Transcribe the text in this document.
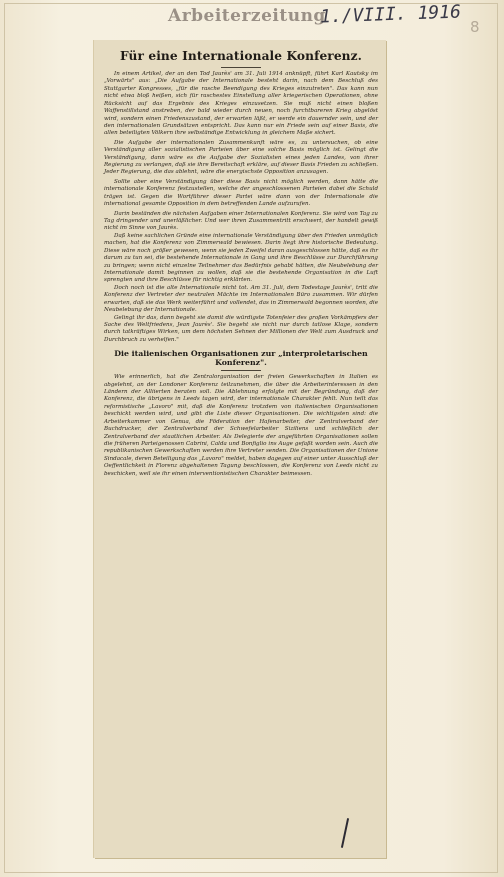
Arbeiterzeitung
1./VIII. 1916 8
Für eine Internationale Konferenz.

In einem Artikel, der an den Tod Jaurès' am 31. Juli 1914 anknüpft, führt Karl Kautsky im „Vorwärts" aus: „Die Aufgabe der Internationale besteht darin, nach dem Beschluß des Stuttgarter Kongresses, „für die rasche Beendigung des Krieges einzutreten". Das kann nun nicht etwa bloß heißen, sich für raschestes Einstellung aller kriegerischen Operationen, ohne Rücksicht auf das Ergebnis des Krieges einzusetzen. Sie muß nicht einen bloßen Waffenstillstand anstreben, der bald wieder durch neuen, noch furchtbareren Krieg abgelöst wird, sondern einen Friedenszustand, der erwarten läßt, er werde ein dauernder sein, und der den internationalen Grundsätzen entspricht. Das kann nur ein Friede sein auf einer Basis, die allen beteiligten Völkern ihre selbständige Entwicklung in gleichem Maße sichert.

Die Aufgabe der internationalen Zusammenkunft wäre es, zu untersuchen, ob eine Verständigung aller sozialistischen Parteien über eine solche Basis möglich ist. Gelingt die Verständigung, dann wäre es die Aufgabe der Sozialisten eines jeden Landes, von ihrer Regierung zu verlangen, daß sie ihre Bereitschaft erkläre, auf dieser Basis Frieden zu schließen. Jeder Regierung, die das ablehnt, wäre die energischste Opposition anzusagen.

Sollte aber eine Verständigung über diese Basis nicht möglich werden, dann hätte die internationale Konferenz festzustellen, welche der angeschlossenen Parteien dabei die Schuld trägen ist. Gegen die Wortführer dieser Partei wäre dann von der Internationale die international gesamte Opposition in dem betreffenden Lande aufzurufen.

Darin beständen die nächsten Aufgaben einer Internationalen Konferenz. Sie wird von Tag zu Tag dringender und unerläßlicher. Und wer ihren Zusammentritt erschwert, der handelt gewiß nicht im Sinne von Jaurès.

Daß keine sachlichen Gründe eine internationale Verständigung über den Frieden unmöglich machen, hat die Konferenz von Zimmerwald bewiesen. Darin liegt ihre historische Bedeutung. Diese wäre noch größer gewesen, wenn sie jeden Zweifel daran ausgeschlossen hätte, daß es ihr darum zu tun sei, die bestehende Internationale in Gang und ihre Beschlüsse zur Durchführung zu bringen; wenn nicht einzelne Teilnehmer das Bedürfnis gehabt hätten, die Neubelebung der Internationale damit beginnen zu wollen, daß sie die bestehende Organisation in die Luft sprengten und ihre Beschlüsse für nichtig erklärten.

Doch noch ist die alte Internationale nicht tot. Am 31. Juli, dem Todestage Jaurès', tritt die Konferenz der Vertreter der neutralen Mächte im Internationalen Büro zusammen. Wir dürfen erwarten, daß sie das Werk weiterführt und vollendet, das in Zimmerwald begonnen worden, die Neubelebung der Internationale.

Gelingt ihr das, dann begeht sie damit die würdigste Totenfeier des großen Vorkämpfers der Sache des Weltfriedens, Jean Jaurès'. Sie begeht sie nicht nur durch tatlose Klage, sondern durch tatkräftiges Wirken, um dem höchsten Sehnen der Millionen der Welt zum Ausdruck und Durchbruch zu verhelfen."

Die italienischen Organisationen zur „interproletarischen Konferenz".

Wie erinnerlich, hat die Zentralorganisation der freien Gewerkschaften in Italien es abgelehnt, an der Londoner Konferenz teilzunehmen, die über die Arbeiterinteressen in den Ländern der Alliierten beraten soll. Die Ablehnung erfolgte mit der Begründung, daß der Konferenz, die übrigens in Leeds tagen wird, der internationale Charakter fehlt. Nun teilt das reformistische „Lavoro" mit, daß die Konferenz trotzdem von italienischen Organisationen beschickt werden wird, und gibt die Liste dieser Organisationen. Die wichtigsten sind: die Arbeiterkammer von Genua, die Föderation der Hafenarbeiter, der Zentralverband der Buchdrucker, der Zentralverband der Schwefelarbeiter Siziliens und schließlich der Zentralverband der staatlichen Arbeiter. Als Delegierte der angeführten Organisationen sollen die früheren Parteigenossen Cabrini, Calda und Bonfiglio ins Auge gefaßt worden sein. Auch die republikanischen Gewerkschaften werden ihre Vertreter senden. Die Organisationen der Unione Sindacale, deren Beteiligung das „Lavoro" meldet, haben dagegen auf einer unter Ausschluß der Oeffentlichkeit in Florenz abgehaltenen Tagung beschlossen, die Konferenz von Leeds nicht zu beschicken, weil sie ihr einen interventionistischen Charakter beimessen.
